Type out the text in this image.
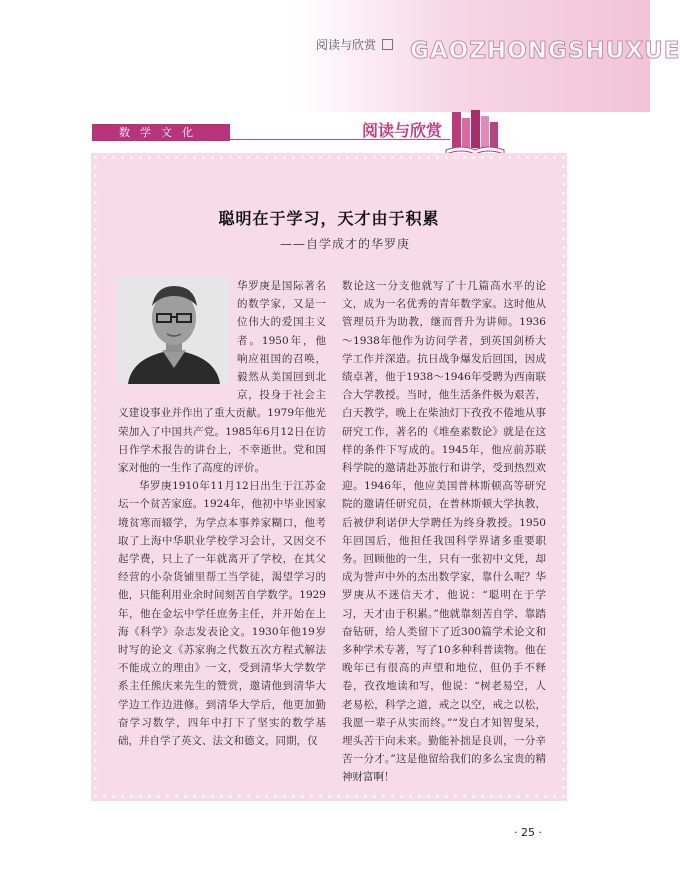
阅读与欣赏 GAOZHONGSHUXUE
数学文化	阅读与欣赏
聪明在于学习，天才由于积累
——自学成才的华罗庚

华罗庚是国际著名的数学家，又是一位伟大的爱国主义者。1950年，他响应祖国的召唤，毅然从美国回到北京，投身于社会主义建设事业并作出了重大贡献。1979年他光荣加入了中国共产党。1985年6月12日在访日作学术报告的讲台上，不幸逝世。党和国家对他的一生作了高度的评价。

华罗庚1910年11月12日出生于江苏金坛一个贫苦家庭。1924年，他初中毕业因家境贫寒而辍学，为学点本事养家糊口，他考取了上海中华职业学校学习会计，又因交不起学费，只上了一年就离开了学校，在其父经营的小杂货铺里帮工当学徒，渴望学习的他，只能利用业余时间刻苦自学数学。1929年，他在金坛中学任庶务主任，并开始在上海《科学》杂志发表论文。1930年他19岁时写的论文《苏家驹之代数五次方程式解法不能成立的理由》一文，受到清华大学数学系主任熊庆来先生的赞赏，邀请他到清华大学边工作边进修。到清华大学后，他更加勤奋学习数学，四年中打下了坚实的数学基础，并自学了英文、法文和德文，同期，仅

数论这一分支他就写了十几篇高水平的论文，成为一名优秀的青年数学家。这时他从管理员升为助教，继而晋升为讲师。1936～1938年他作为访问学者，到英国剑桥大学工作并深造。抗日战争爆发后回国，因成绩卓著，他于1938～1946年受聘为西南联合大学教授。当时，他生活条件极为艰苦，白天教学，晚上在柴油灯下孜孜不倦地从事研究工作，著名的《堆垒素数论》就是在这样的条件下写成的。1945年，他应前苏联科学院的邀请赴苏旅行和讲学，受到热烈欢迎。1946年，他应美国普林斯顿高等研究院的邀请任研究员，在普林斯顿大学执教，后被伊利诺伊大学聘任为终身教授。1950年回国后，他担任我国科学界诸多重要职务。回顾他的一生，只有一张初中文凭，却成为誉声中外的杰出数学家，靠什么呢？华罗庚从不迷信天才，他说：“聪明在于学习，天才由于积累。”他就靠刻苦自学、靠踏奋钻研，给人类留下了近300篇学术论文和多种学术专著，写了10多种科普读物。他在晚年已有很高的声望和地位，但仍手不释卷，孜孜地读和写，他说：“树老易空，人老易松，科学之道，戒之以空，戒之以松，我愿一辈子从实而终。”“发白才知智叟呆，埋头苦干向未来。勤能补拙是良训，一分辛苦一分才。”这是他留给我们的多么宝贵的精神财富啊！

· 25 ·
